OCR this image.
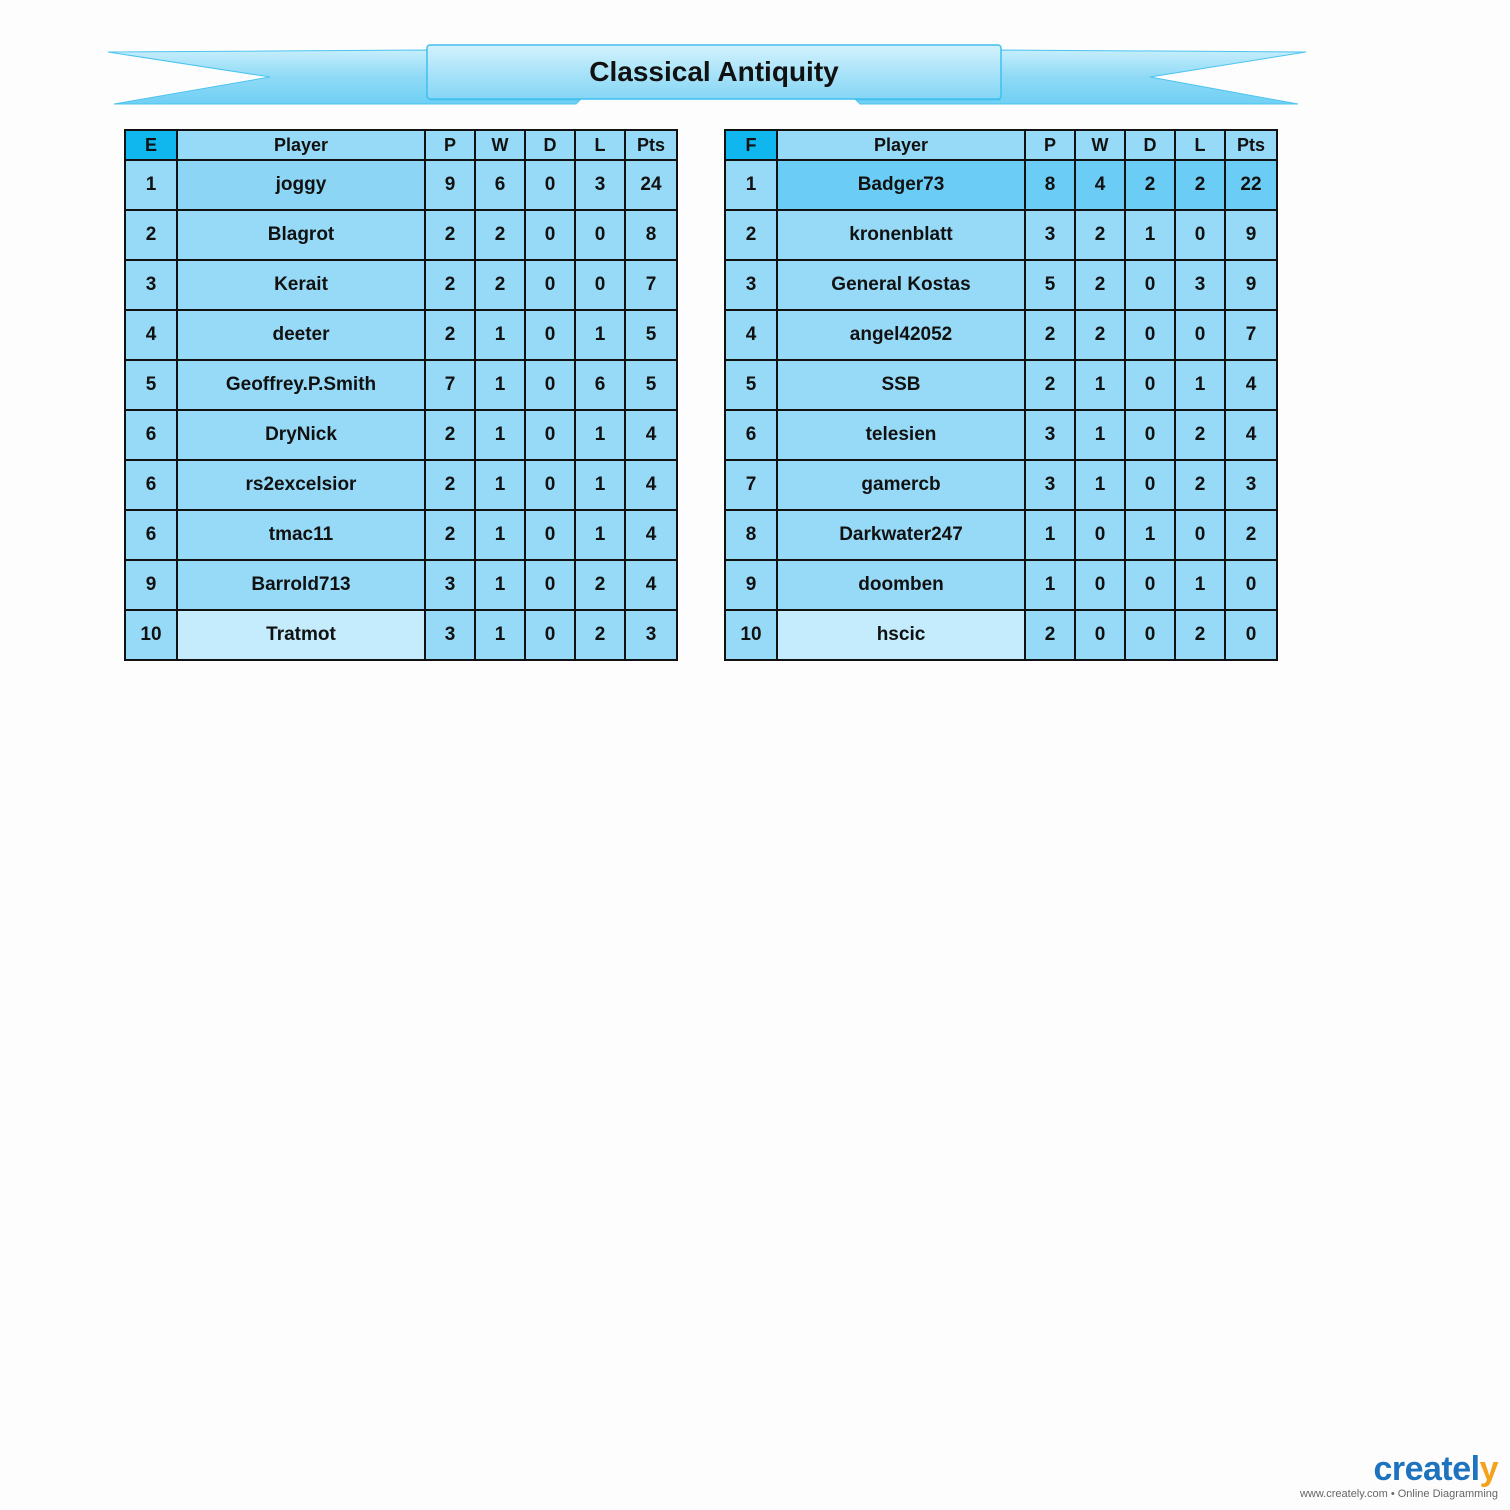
Classical Antiquity
E	Player	P	W	D	L	Pts
1	joggy	9	6	0	3	24
2	Blagrot	2	2	0	0	8
3	Kerait	2	2	0	0	7
4	deeter	2	1	0	1	5
5	Geoffrey.P.Smith	7	1	0	6	5
6	DryNick	2	1	0	1	4
6	rs2excelsior	2	1	0	1	4
6	tmac11	2	1	0	1	4
9	Barrold713	3	1	0	2	4
10	Tratmot	3	1	0	2	3
F	Player	P	W	D	L	Pts
1	Badger73	8	4	2	2	22
2	kronenblatt	3	2	1	0	9
3	General Kostas	5	2	0	3	9
4	angel42052	2	2	0	0	7
5	SSB	2	1	0	1	4
6	telesien	3	1	0	2	4
7	gamercb	3	1	0	2	3
8	Darkwater247	1	0	1	0	2
9	doomben	1	0	0	1	0
10	hscic	2	0	0	2	0
creately
www.creately.com • Online Diagramming
